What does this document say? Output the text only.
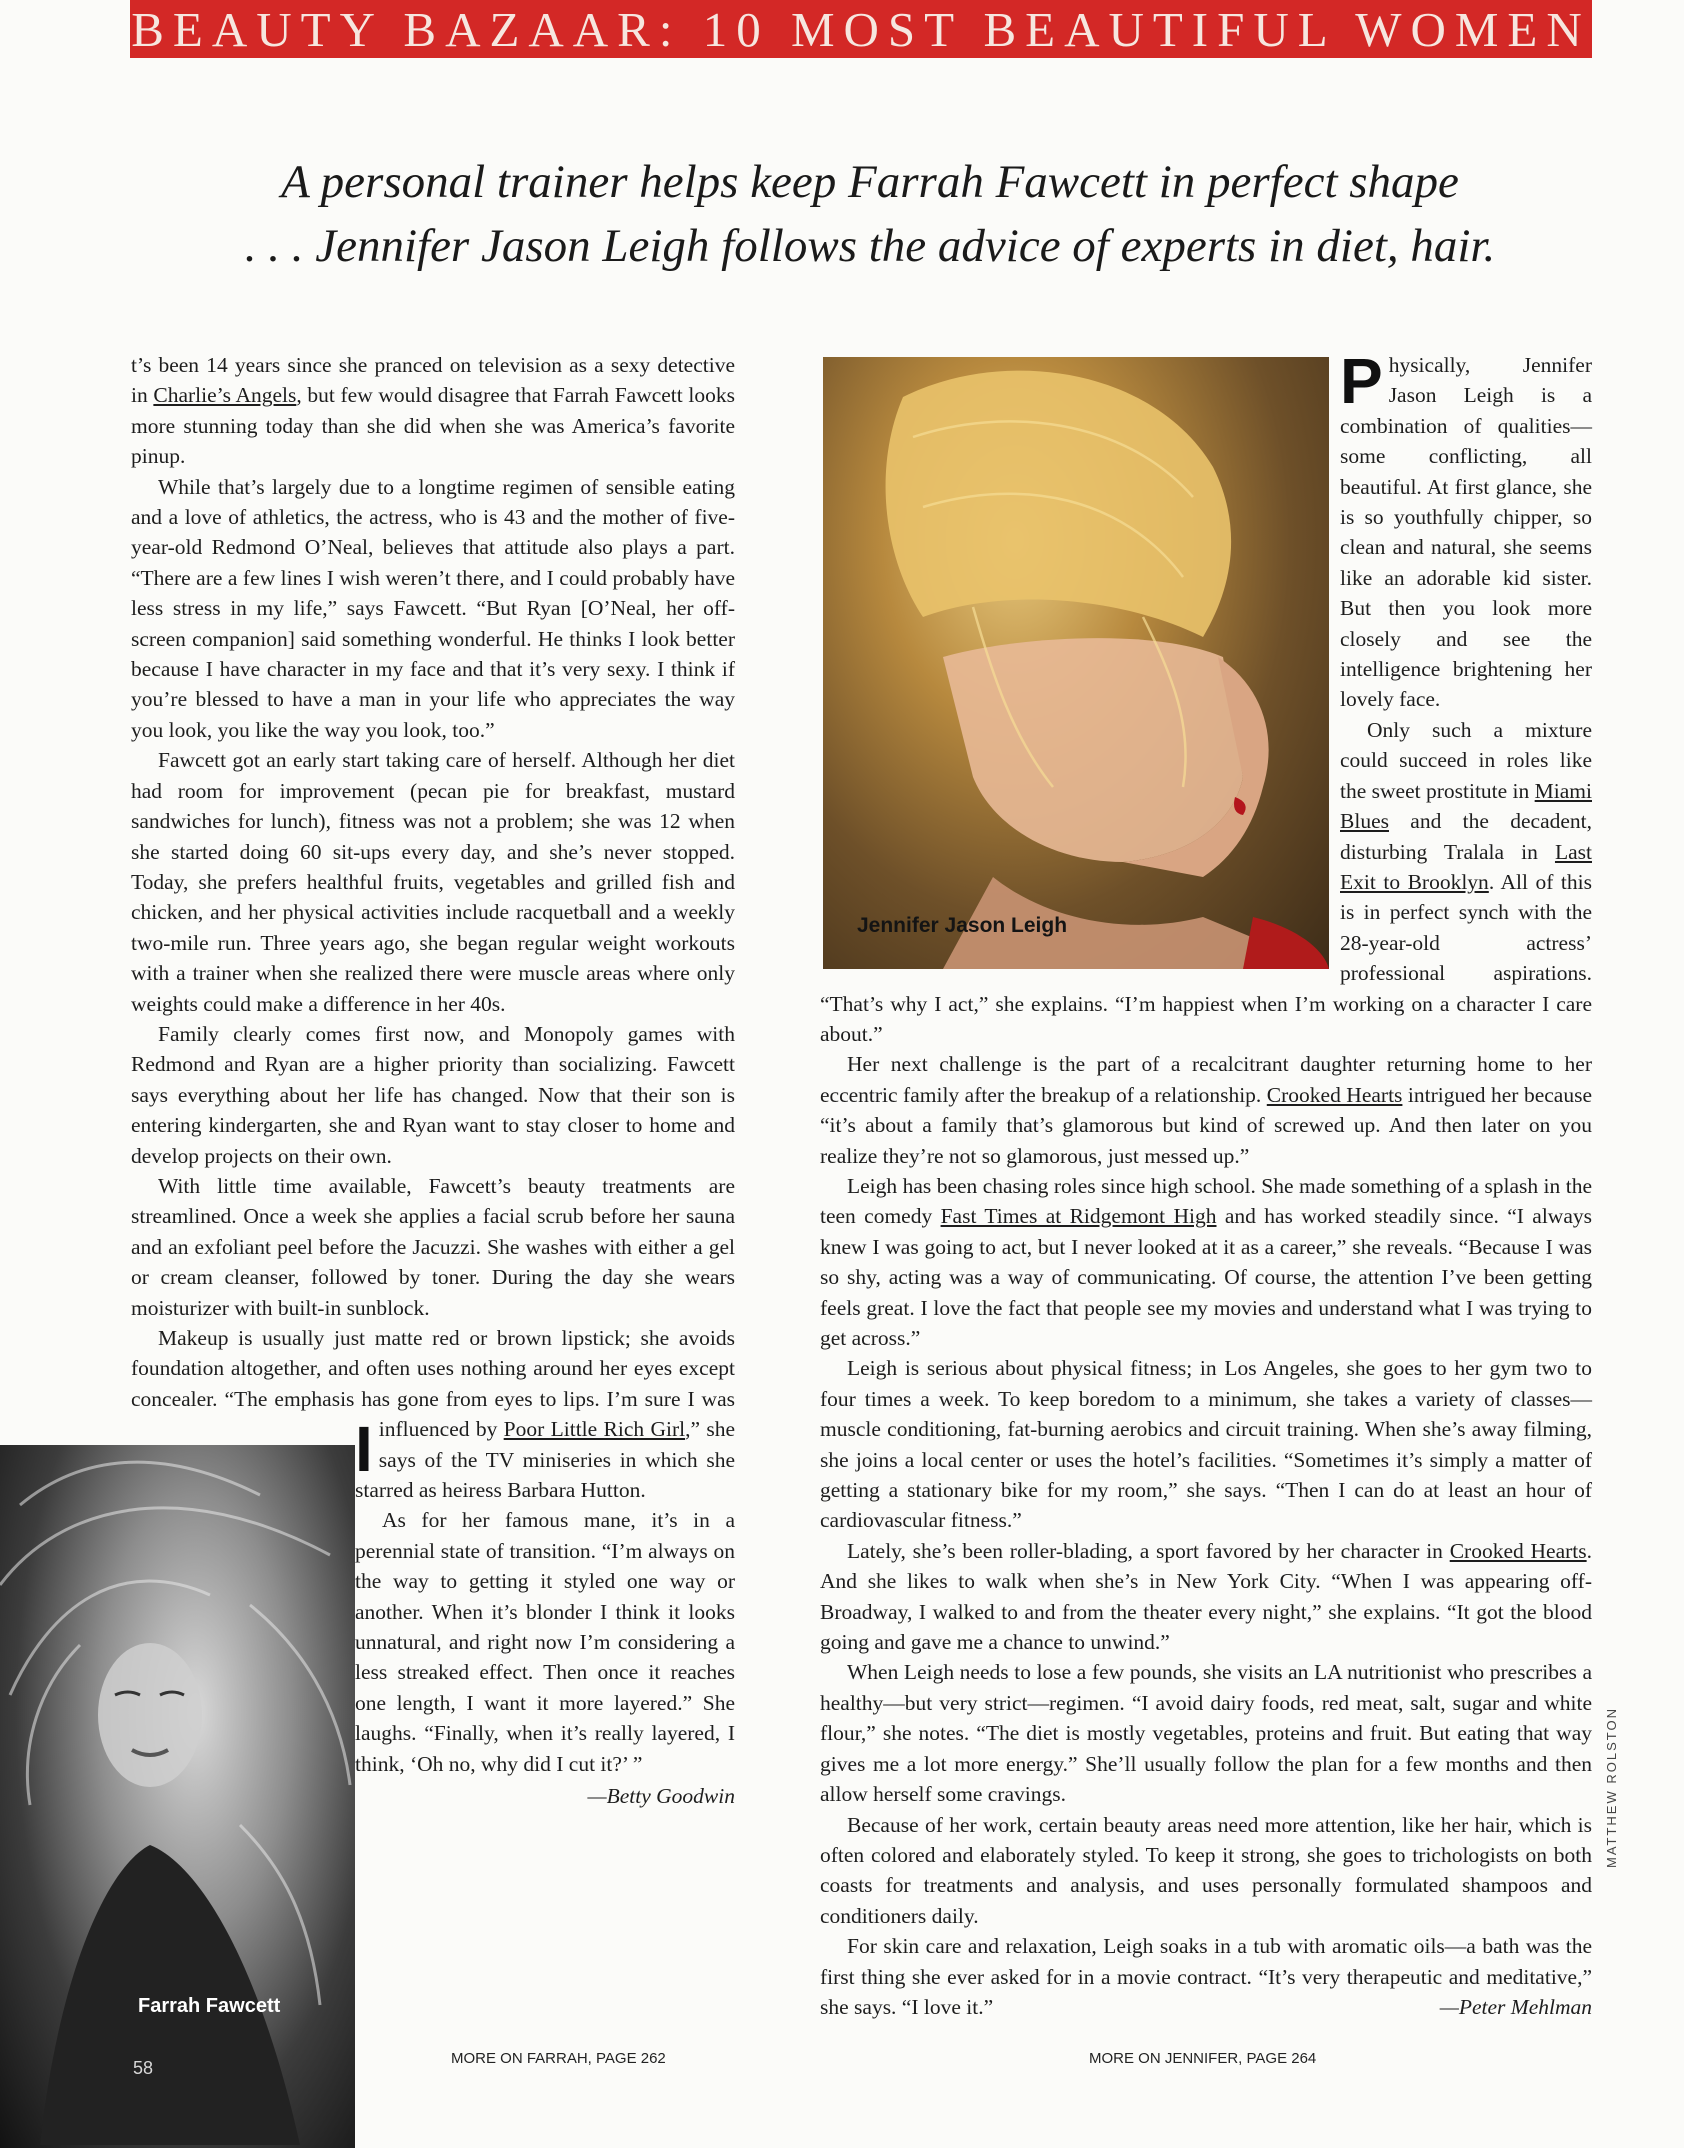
BEAUTY BAZAAR: 10 MOST BEAUTIFUL WOMEN
A personal trainer helps keep Farrah Fawcett in perfect shape
. . . Jennifer Jason Leigh follows the advice of experts in diet, hair.

I
t’s been 14 years since she pranced on television as a sexy detective in Charlie’s Angels, but few would disagree that Farrah Fawcett looks more stunning today than she did when she was America’s favorite pinup.

While that’s largely due to a longtime regimen of sensible eating and a love of athletics, the actress, who is 43 and the mother of five-year-old Redmond O’Neal, believes that attitude also plays a part. “There are a few lines I wish weren’t there, and I could probably have less stress in my life,” says Fawcett. “But Ryan [O’Neal, her off-screen companion] said something wonderful. He thinks I look better because I have character in my face and that it’s very sexy. I think if you’re blessed to have a man in your life who appreciates the way you look, you like the way you look, too.”

Fawcett got an early start taking care of herself. Although her diet had room for improvement (pecan pie for breakfast, mustard sandwiches for lunch), fitness was not a problem; she was 12 when she started doing 60 sit-ups every day, and she’s never stopped. Today, she prefers healthful fruits, vegetables and grilled fish and chicken, and her physical activities include racquetball and a weekly two-mile run. Three years ago, she began regular weight workouts with a trainer when she realized there were muscle areas where only weights could make a difference in her 40s.

Family clearly comes first now, and Monopoly games with Redmond and Ryan are a higher priority than socializing. Fawcett says everything about her life has changed. Now that their son is entering kindergarten, she and Ryan want to stay closer to home and develop projects on their own.

With little time available, Fawcett’s beauty treatments are streamlined. Once a week she applies a facial scrub before her sauna and an exfoliant peel before the Jacuzzi. She washes with either a gel or cream cleanser, followed by toner. During the day she wears moisturizer with built-in sunblock.

Makeup is usually just matte red or brown lipstick; she avoids foundation altogether, and often uses nothing around her eyes except concealer. “The emphasis has gone from eyes to lips. I’m sure I was influenced by Poor Little Rich Girl,” she says of the TV miniseries in which she starred as heiress Barbara Hutton.

As for her famous mane, it’s in a perennial state of transition. “I’m always on the way to getting it styled one way or another. When it’s blonder I think it looks unnatural, and right now I’m considering a less streaked effect. Then once it reaches one length, I want it more layered.” She laughs. “Finally, when it’s really layered, I think, ‘Oh no, why did I cut it?’ ”

—Betty Goodwin
Farrah Fawcett
58
Jennifer Jason Leigh

Physically, Jennifer Jason Leigh is a combination of qualities—some conflicting, all beautiful. At first glance, she is so youthfully chipper, so clean and natural, she seems like an adorable kid sister. But then you look more closely and see the intelligence brightening her lovely face.

Only such a mixture could succeed in roles like the sweet prostitute in Miami Blues and the decadent, disturbing Tralala in Last Exit to Brooklyn. All of this is in perfect synch with the 28-year-old actress’ professional aspirations. “That’s why I act,” she explains. “I’m happiest when I’m working on a character I care about.”

Her next challenge is the part of a recalcitrant daughter returning home to her eccentric family after the breakup of a relationship. Crooked Hearts intrigued her because “it’s about a family that’s glamorous but kind of screwed up. And then later on you realize they’re not so glamorous, just messed up.”

Leigh has been chasing roles since high school. She made something of a splash in the teen comedy Fast Times at Ridgemont High and has worked steadily since. “I always knew I was going to act, but I never looked at it as a career,” she reveals. “Because I was so shy, acting was a way of communicating. Of course, the attention I’ve been getting feels great. I love the fact that people see my movies and understand what I was trying to get across.”

Leigh is serious about physical fitness; in Los Angeles, she goes to her gym two to four times a week. To keep boredom to a minimum, she takes a variety of classes—muscle conditioning, fat-burning aerobics and circuit training. When she’s away filming, she joins a local center or uses the hotel’s facilities. “Sometimes it’s simply a matter of getting a stationary bike for my room,” she says. “Then I can do at least an hour of cardiovascular fitness.”

Lately, she’s been roller-blading, a sport favored by her character in Crooked Hearts. And she likes to walk when she’s in New York City. “When I was appearing off-Broadway, I walked to and from the theater every night,” she explains. “It got the blood going and gave me a chance to unwind.”

When Leigh needs to lose a few pounds, she visits an LA nutritionist who prescribes a healthy—but very strict—regimen. “I avoid dairy foods, red meat, salt, sugar and white flour,” she notes. “The diet is mostly vegetables, proteins and fruit. But eating that way gives me a lot more energy.” She’ll usually follow the plan for a few months and then allow herself some cravings.

Because of her work, certain beauty areas need more attention, like her hair, which is often colored and elaborately styled. To keep it strong, she goes to trichologists on both coasts for treatments and analysis, and uses personally formulated shampoos and conditioners daily.

For skin care and relaxation, Leigh soaks in a tub with aromatic oils—a bath was the first thing she ever asked for in a movie contract. “It’s very therapeutic and meditative,” she says. “I love it.”	—Peter Mehlman

MATTHEW ROLSTON
MORE ON FARRAH, PAGE 262	MORE ON JENNIFER, PAGE 264
